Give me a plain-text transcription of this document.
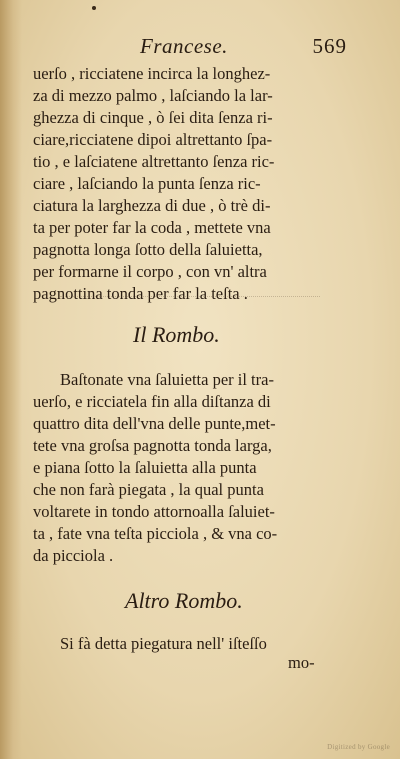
Francese.	569
uerſo , ricciatene incirca la longhez-
za di mezzo palmo , laſciando la lar-
ghezza di cinque , ò ſei dita ſenza ri-
ciare,ricciatene dipoi altrettanto ſpa-
tio , e laſciatene altrettanto ſenza ric-
ciare , laſciando la punta ſenza ric-
ciatura la larghezza di due , ò trè di-
ta per poter far la coda , mettete vna
pagnotta longa ſotto della ſaluietta,
per formarne il corpo , con vn' altra
pagnottina tonda per far la teſta .
Il Rombo.
Baſtonate vna ſaluietta per il tra-
uerſo, e ricciatela fin alla diſtanza di
quattro dita dell'vna delle punte,met-
tete vna groſsa pagnotta tonda larga,
e piana ſotto la ſaluietta alla punta
che non farà piegata , la qual punta
voltarete in tondo attornoalla ſaluiet-
ta , fate vna teſta picciola , & vna co-
da picciola .
Altro Rombo.
Si fà detta piegatura nell' iſteſſo
mo-
Digitized by Google
